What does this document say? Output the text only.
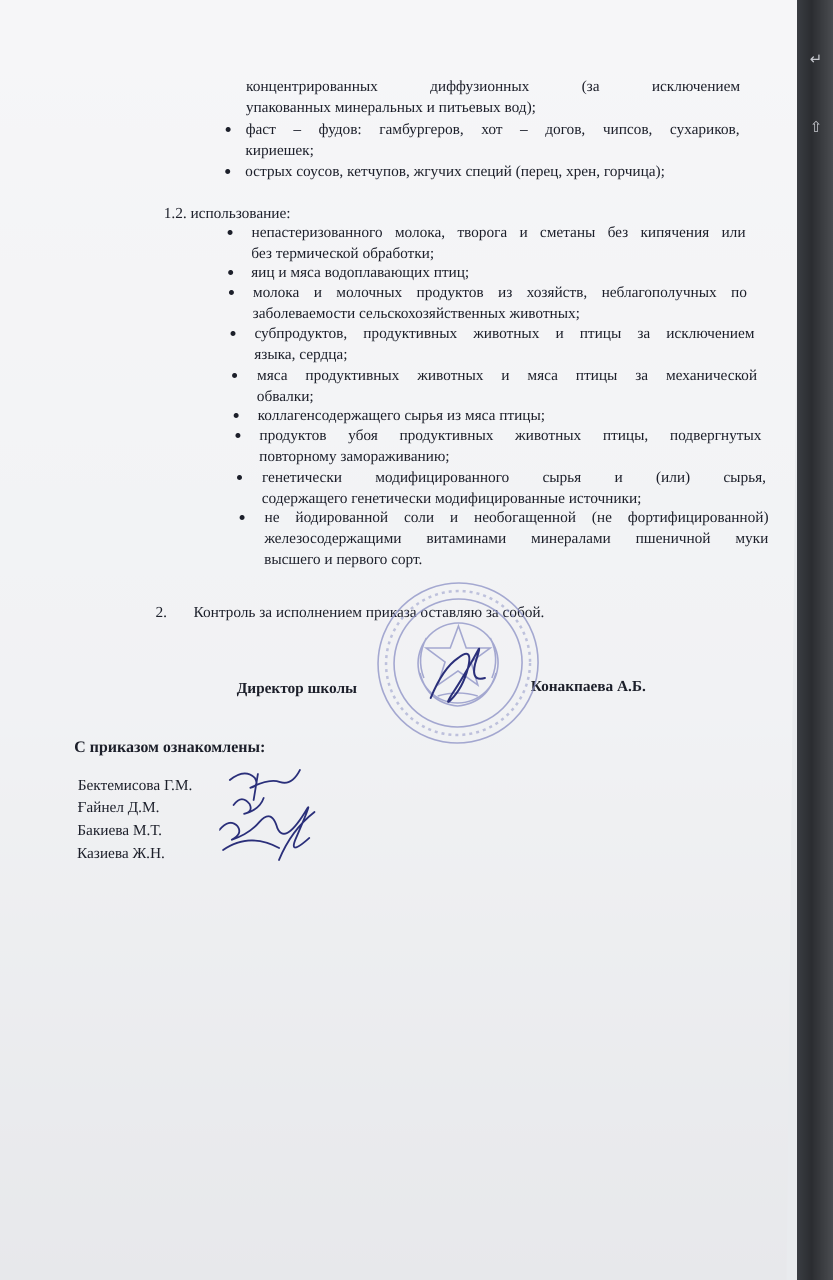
концентрированных диффузионных (за исключением
упакованных минеральных и питьевых вод);
фаст – фудов: гамбургеров, хот – догов, чипсов, сухариков,
кириешек;
острых соусов, кетчупов, жгучих специй (перец, хрен, горчица);
1.2. использование:
непастеризованного молока, творога и сметаны без кипячения или
без термической обработки;
яиц и мяса водоплавающих птиц;
молока и молочных продуктов из хозяйств, неблагополучных по
заболеваемости сельскохозяйственных животных;
субпродуктов, продуктивных животных и птицы за исключением
языка, сердца;
мяса продуктивных животных и мяса птицы за механической
обвалки;
коллагенсодержащего сырья из мяса птицы;
продуктов убоя продуктивных животных птицы, подвергнутых
повторному замораживанию;
генетически модифицированного сырья и (или) сырья,
содержащего генетически модифицированные источники;
не йодированной соли и необогащенной (не фортифицированной)
железосодержащими витаминами минералами пшеничной муки
высшего и первого сорт.
2. Контроль за исполнением приказа оставляю за собой.
Директор школы	Конакпаева А.Б.
С приказом ознакомлены:
Бектемисова Г.М.
Ғайнел Д.М.
Бакиева М.Т.
Казиева Ж.Н.
↵
⇧
